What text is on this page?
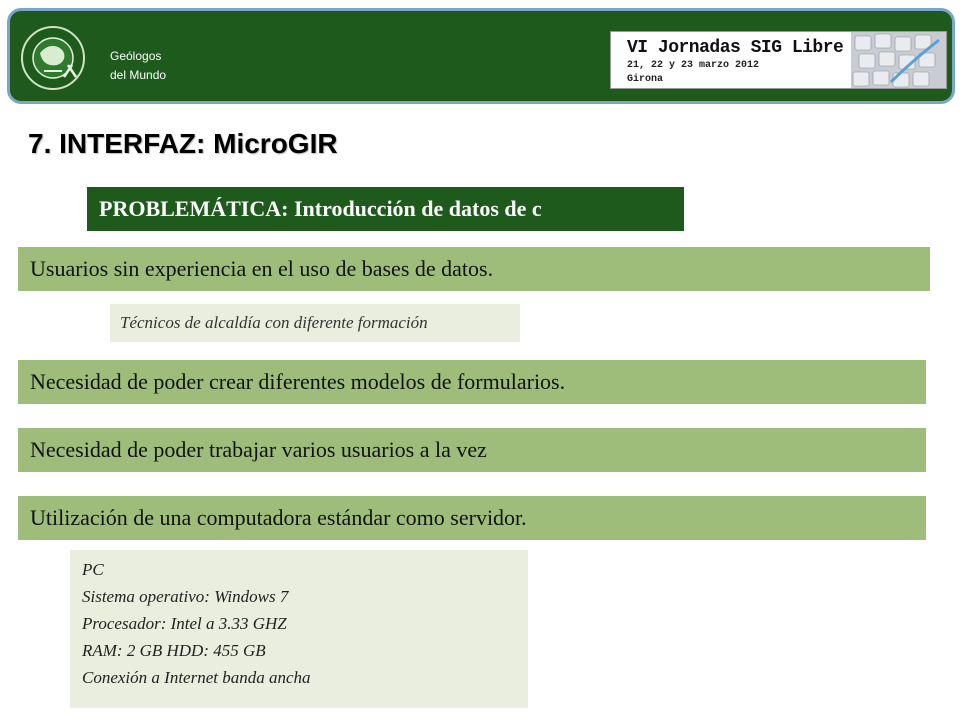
Geólogos
del Mundo
VI Jornadas SIG Libre
21, 22 y 23 marzo 2012
Girona
7. INTERFAZ: MicroGIR
PROBLEMÁTICA: Introducción de datos de c
Usuarios sin experiencia en el uso de bases de datos.
Técnicos de alcaldía con diferente formación
Necesidad de poder crear diferentes modelos de formularios.
Necesidad de poder trabajar varios usuarios a la vez
Utilización de una computadora estándar como servidor.
PC
Sistema operativo: Windows 7
Procesador: Intel a 3.33 GHZ
RAM: 2 GB HDD: 455 GB
Conexión a Internet banda ancha
